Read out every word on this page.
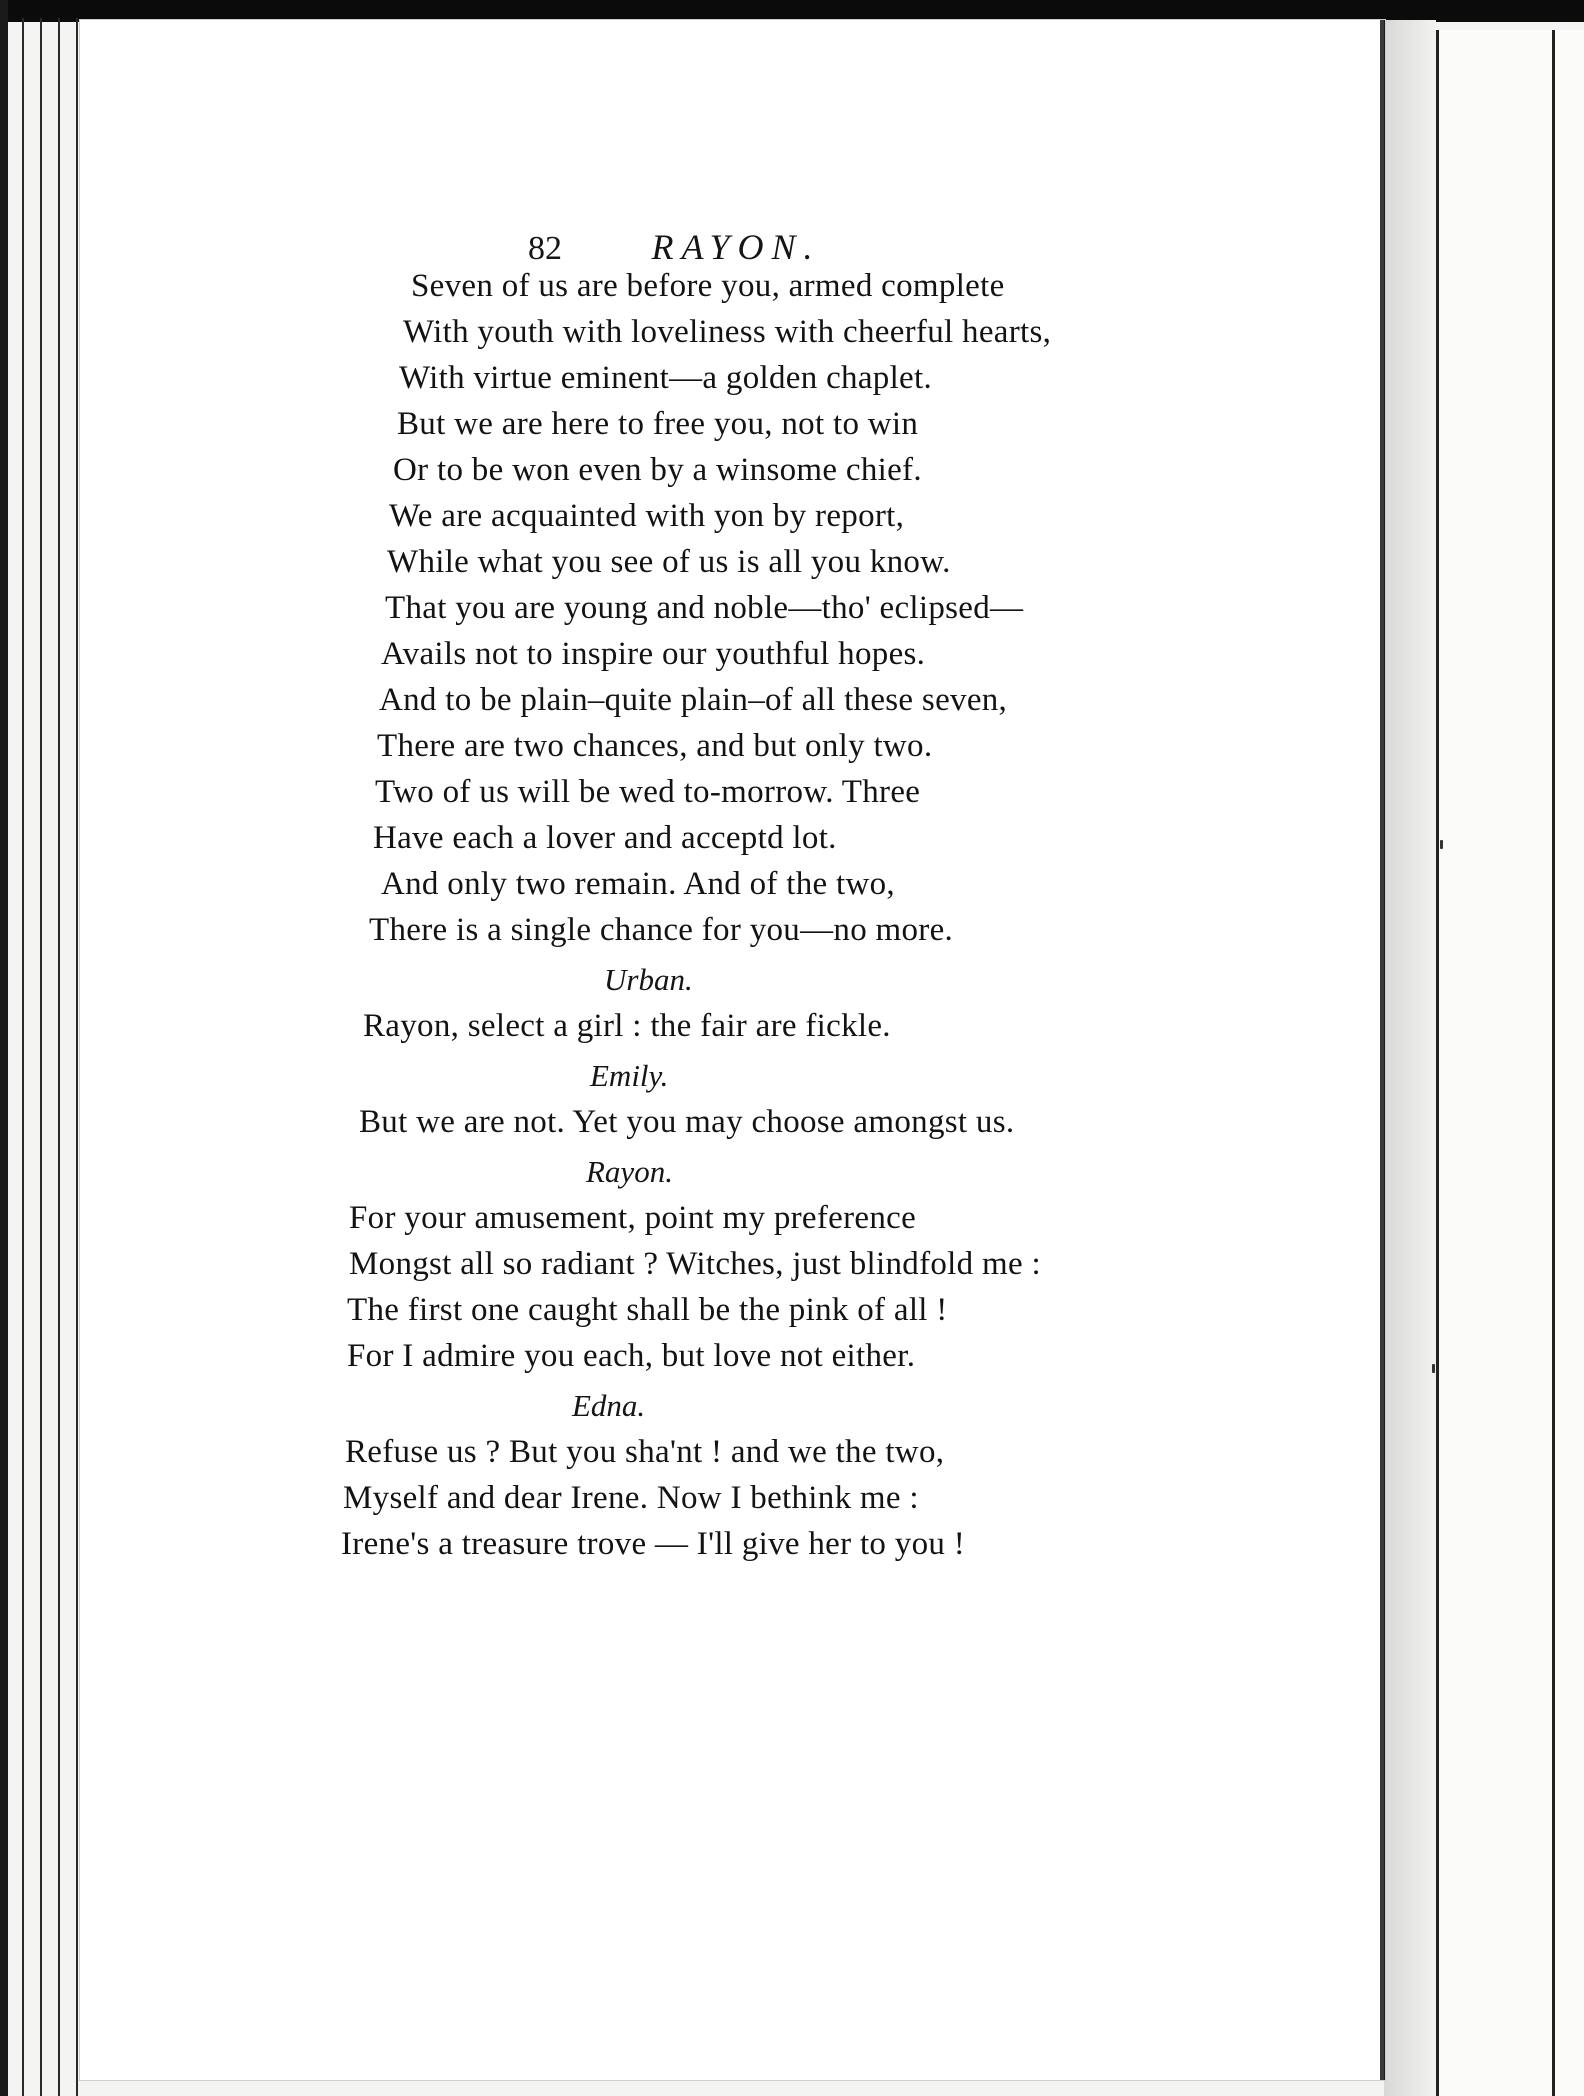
82 RAYON.
Seven of us are before you, armed complete
With youth with loveliness with cheerful hearts,
With virtue eminent—a golden chaplet.
But we are here to free you, not to win
Or to be won even by a winsome chief.
We are acquainted with yon by report,
While what you see of us is all you know.
That you are young and noble—tho' eclipsed—
Avails not to inspire our youthful hopes.
And to be plain–quite plain–of all these seven,
There are two chances, and but only two.
Two of us will be wed to-morrow. Three
Have each a lover and acceptd lot.
And only two remain. And of the two,
There is a single chance for you—no more.
Urban.
Rayon, select a girl : the fair are fickle.
Emily.
But we are not. Yet you may choose amongst us.
Rayon.
For your amusement, point my preference
Mongst all so radiant ? Witches, just blindfold me :
The first one caught shall be the pink of all !
For I admire you each, but love not either.
Edna.
Refuse us ? But you sha'nt ! and we the two,
Myself and dear Irene. Now I bethink me :
Irene's a treasure trove — I'll give her to you !
